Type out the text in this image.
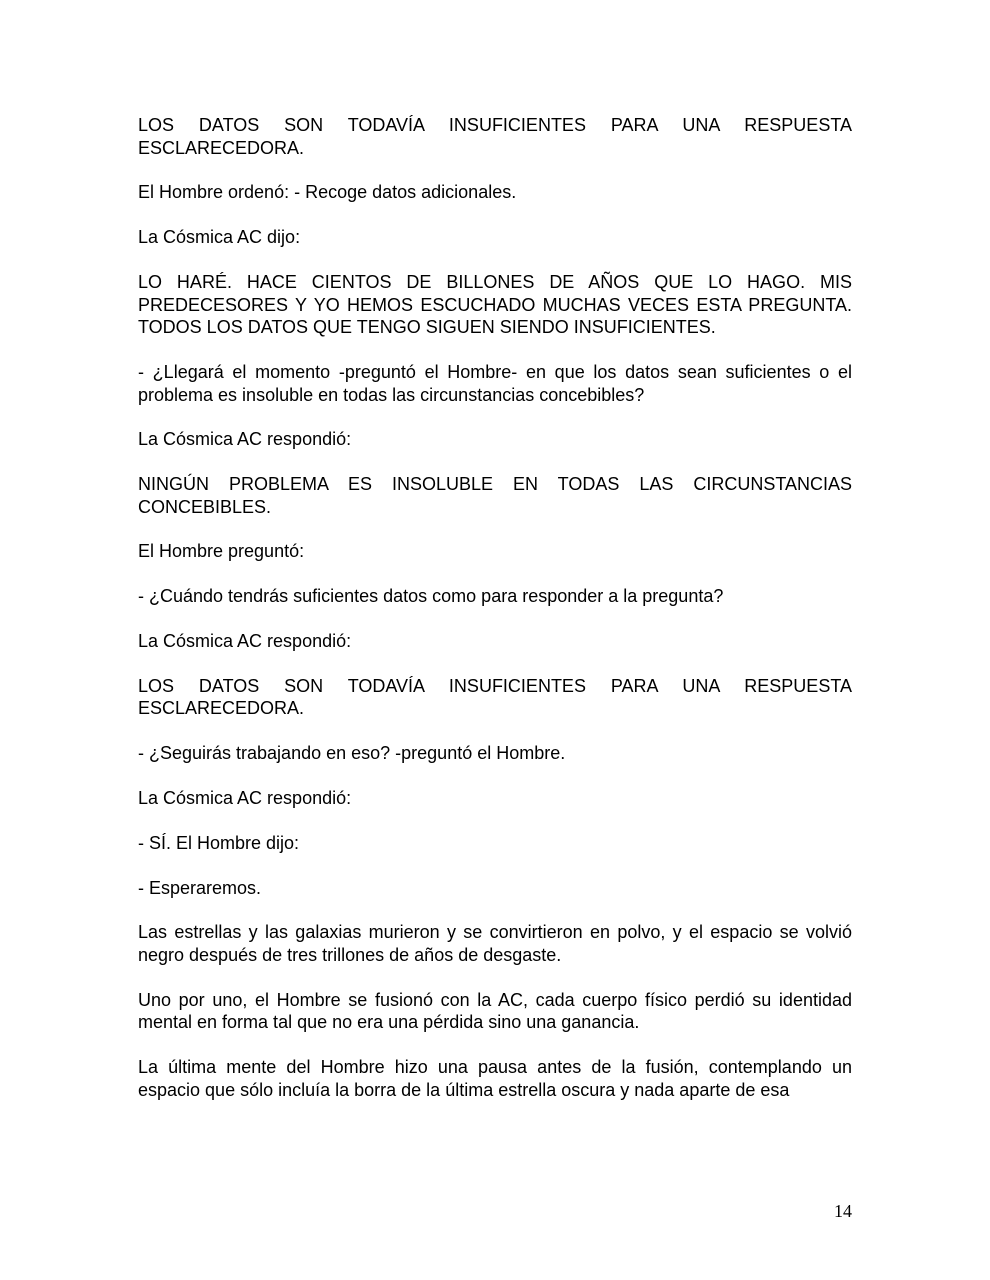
LOS DATOS SON TODAVÍA INSUFICIENTES PARA UNA RESPUESTA ESCLARECEDORA.

El Hombre ordenó: - Recoge datos adicionales.

La Cósmica AC dijo:

LO HARÉ. HACE CIENTOS DE BILLONES DE AÑOS QUE LO HAGO. MIS PREDECESORES Y YO HEMOS ESCUCHADO MUCHAS VECES ESTA PREGUNTA. TODOS LOS DATOS QUE TENGO SIGUEN SIENDO INSUFICIENTES.

- ¿Llegará el momento -preguntó el Hombre- en que los datos sean suficientes o el problema es insoluble en todas las circunstancias concebibles?

La Cósmica AC respondió:

NINGÚN PROBLEMA ES INSOLUBLE EN TODAS LAS CIRCUNSTANCIAS CONCEBIBLES.

El Hombre preguntó:

- ¿Cuándo tendrás suficientes datos como para responder a la pregunta?

La Cósmica AC respondió:

LOS DATOS SON TODAVÍA INSUFICIENTES PARA UNA RESPUESTA ESCLARECEDORA.

- ¿Seguirás trabajando en eso? -preguntó el Hombre.

La Cósmica AC respondió:

- SÍ. El Hombre dijo:

- Esperaremos.

Las estrellas y las galaxias murieron y se convirtieron en polvo, y el espacio se volvió negro después de tres trillones de años de desgaste.

Uno por uno, el Hombre se fusionó con la AC, cada cuerpo físico perdió su identidad mental en forma tal que no era una pérdida sino una ganancia.

La última mente del Hombre hizo una pausa antes de la fusión, contemplando un espacio que sólo incluía la borra de la última estrella oscura y nada aparte de esa

14
